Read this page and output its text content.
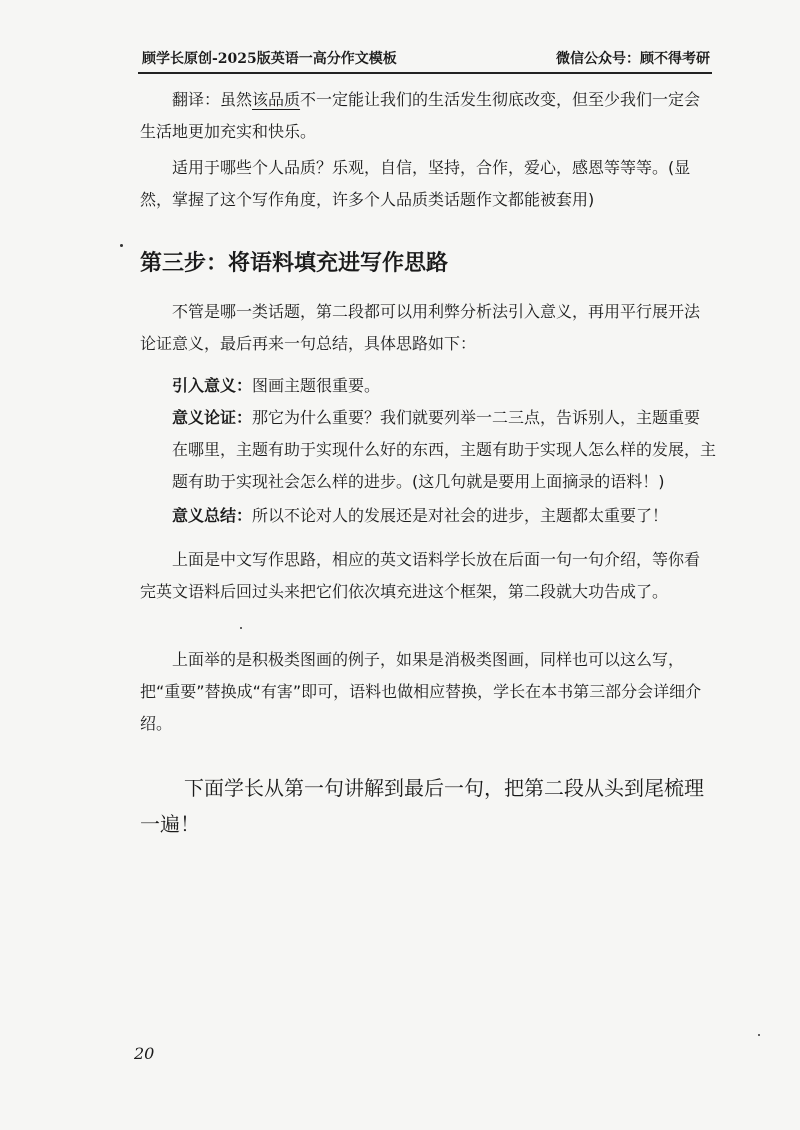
顾学长原创-2025版英语一高分作文模板	微信公众号：顾不得考研

翻译：虽然该品质不一定能让我们的生活发生彻底改变，但至少我们一定会生活地更加充实和快乐。

适用于哪些个人品质？乐观，自信，坚持，合作，爱心，感恩等等等。(显然，掌握了这个写作角度，许多个人品质类话题作文都能被套用)

第三步：将语料填充进写作思路

不管是哪一类话题，第二段都可以用利弊分析法引入意义，再用平行展开法论证意义，最后再来一句总结，具体思路如下：

引入意义：图画主题很重要。

意义论证：那它为什么重要？我们就要列举一二三点，告诉别人，主题重要在哪里，主题有助于实现什么好的东西，主题有助于实现人怎么样的发展，主题有助于实现社会怎么样的进步。(这几句就是要用上面摘录的语料！)

意义总结：所以不论对人的发展还是对社会的进步，主题都太重要了！

上面是中文写作思路，相应的英文语料学长放在后面一句一句介绍，等你看完英文语料后回过头来把它们依次填充进这个框架，第二段就大功告成了。

上面举的是积极类图画的例子，如果是消极类图画，同样也可以这么写，把“重要”替换成“有害”即可，语料也做相应替换，学长在本书第三部分会详细介绍。

下面学长从第一句讲解到最后一句，把第二段从头到尾梳理一遍！

20
